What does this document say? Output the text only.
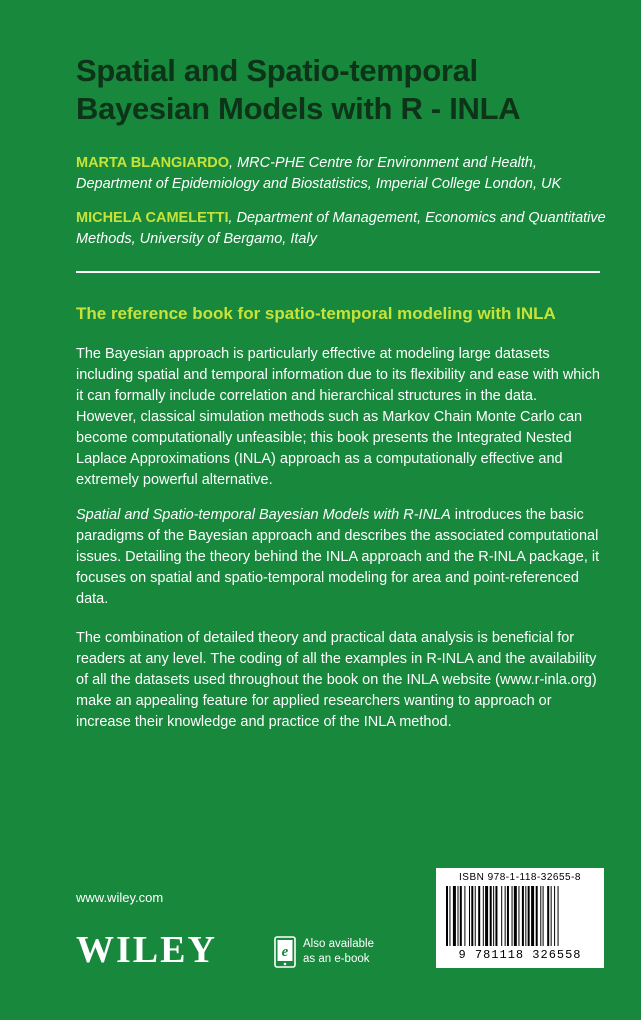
Spatial and Spatio-temporal
Bayesian Models with R - INLA
MARTA BLANGIARDO, MRC-PHE Centre for Environment and Health, Department of Epidemiology and Biostatistics, Imperial College London, UK
MICHELA CAMELETTI, Department of Management, Economics and Quantitative Methods, University of Bergamo, Italy
The reference book for spatio-temporal modeling with INLA

The Bayesian approach is particularly effective at modeling large datasets including spatial and temporal information due to its flexibility and ease with which it can formally include correlation and hierarchical structures in the data. However, classical simulation methods such as Markov Chain Monte Carlo can become computationally unfeasible; this book presents the Integrated Nested Laplace Approximations (INLA) approach as a computationally effective and extremely powerful alternative.

Spatial and Spatio-temporal Bayesian Models with R-INLA introduces the basic paradigms of the Bayesian approach and describes the associated computational issues. Detailing the theory behind the INLA approach and the R-INLA package, it focuses on spatial and spatio-temporal modeling for area and point-referenced data.

The combination of detailed theory and practical data analysis is beneficial for readers at any level. The coding of all the examples in R-INLA and the availability of all the datasets used throughout the book on the INLA website (www.r-inla.org) make an appealing feature for applied researchers wanting to approach or increase their knowledge and practice of the INLA method.

www.wiley.com
WILEY	e Also available
as an e-book
ISBN 978-1-118-32655-8
9 781118 326558
